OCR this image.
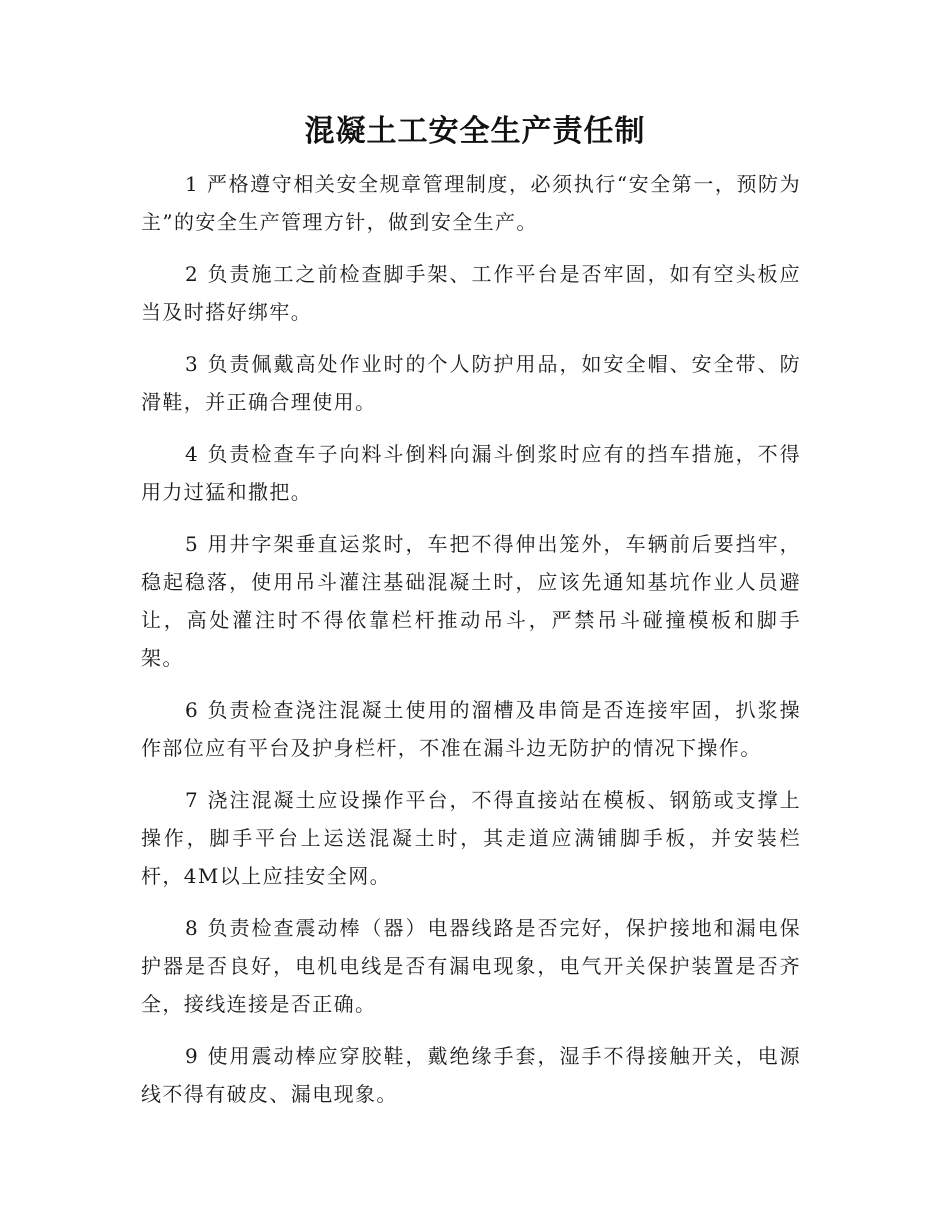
混凝土工安全生产责任制

1 严格遵守相关安全规章管理制度，必须执行“安全第一，预防为主”的安全生产管理方针，做到安全生产。

2 负责施工之前检查脚手架、工作平台是否牢固，如有空头板应当及时搭好绑牢。

3 负责佩戴高处作业时的个人防护用品，如安全帽、安全带、防滑鞋，并正确合理使用。

4 负责检查车子向料斗倒料向漏斗倒浆时应有的挡车措施，不得用力过猛和撒把。

5 用井字架垂直运浆时，车把不得伸出笼外，车辆前后要挡牢，稳起稳落，使用吊斗灌注基础混凝土时，应该先通知基坑作业人员避让，高处灌注时不得依靠栏杆推动吊斗，严禁吊斗碰撞模板和脚手架。

6 负责检查浇注混凝土使用的溜槽及串筒是否连接牢固，扒浆操作部位应有平台及护身栏杆，不准在漏斗边无防护的情况下操作。

7 浇注混凝土应设操作平台，不得直接站在模板、钢筋或支撑上操作，脚手平台上运送混凝土时，其走道应满铺脚手板，并安装栏杆，4M以上应挂安全网。

8 负责检查震动棒（器）电器线路是否完好，保护接地和漏电保护器是否良好，电机电线是否有漏电现象，电气开关保护装置是否齐全，接线连接是否正确。

9 使用震动棒应穿胶鞋，戴绝缘手套，湿手不得接触开关，电源线不得有破皮、漏电现象。
